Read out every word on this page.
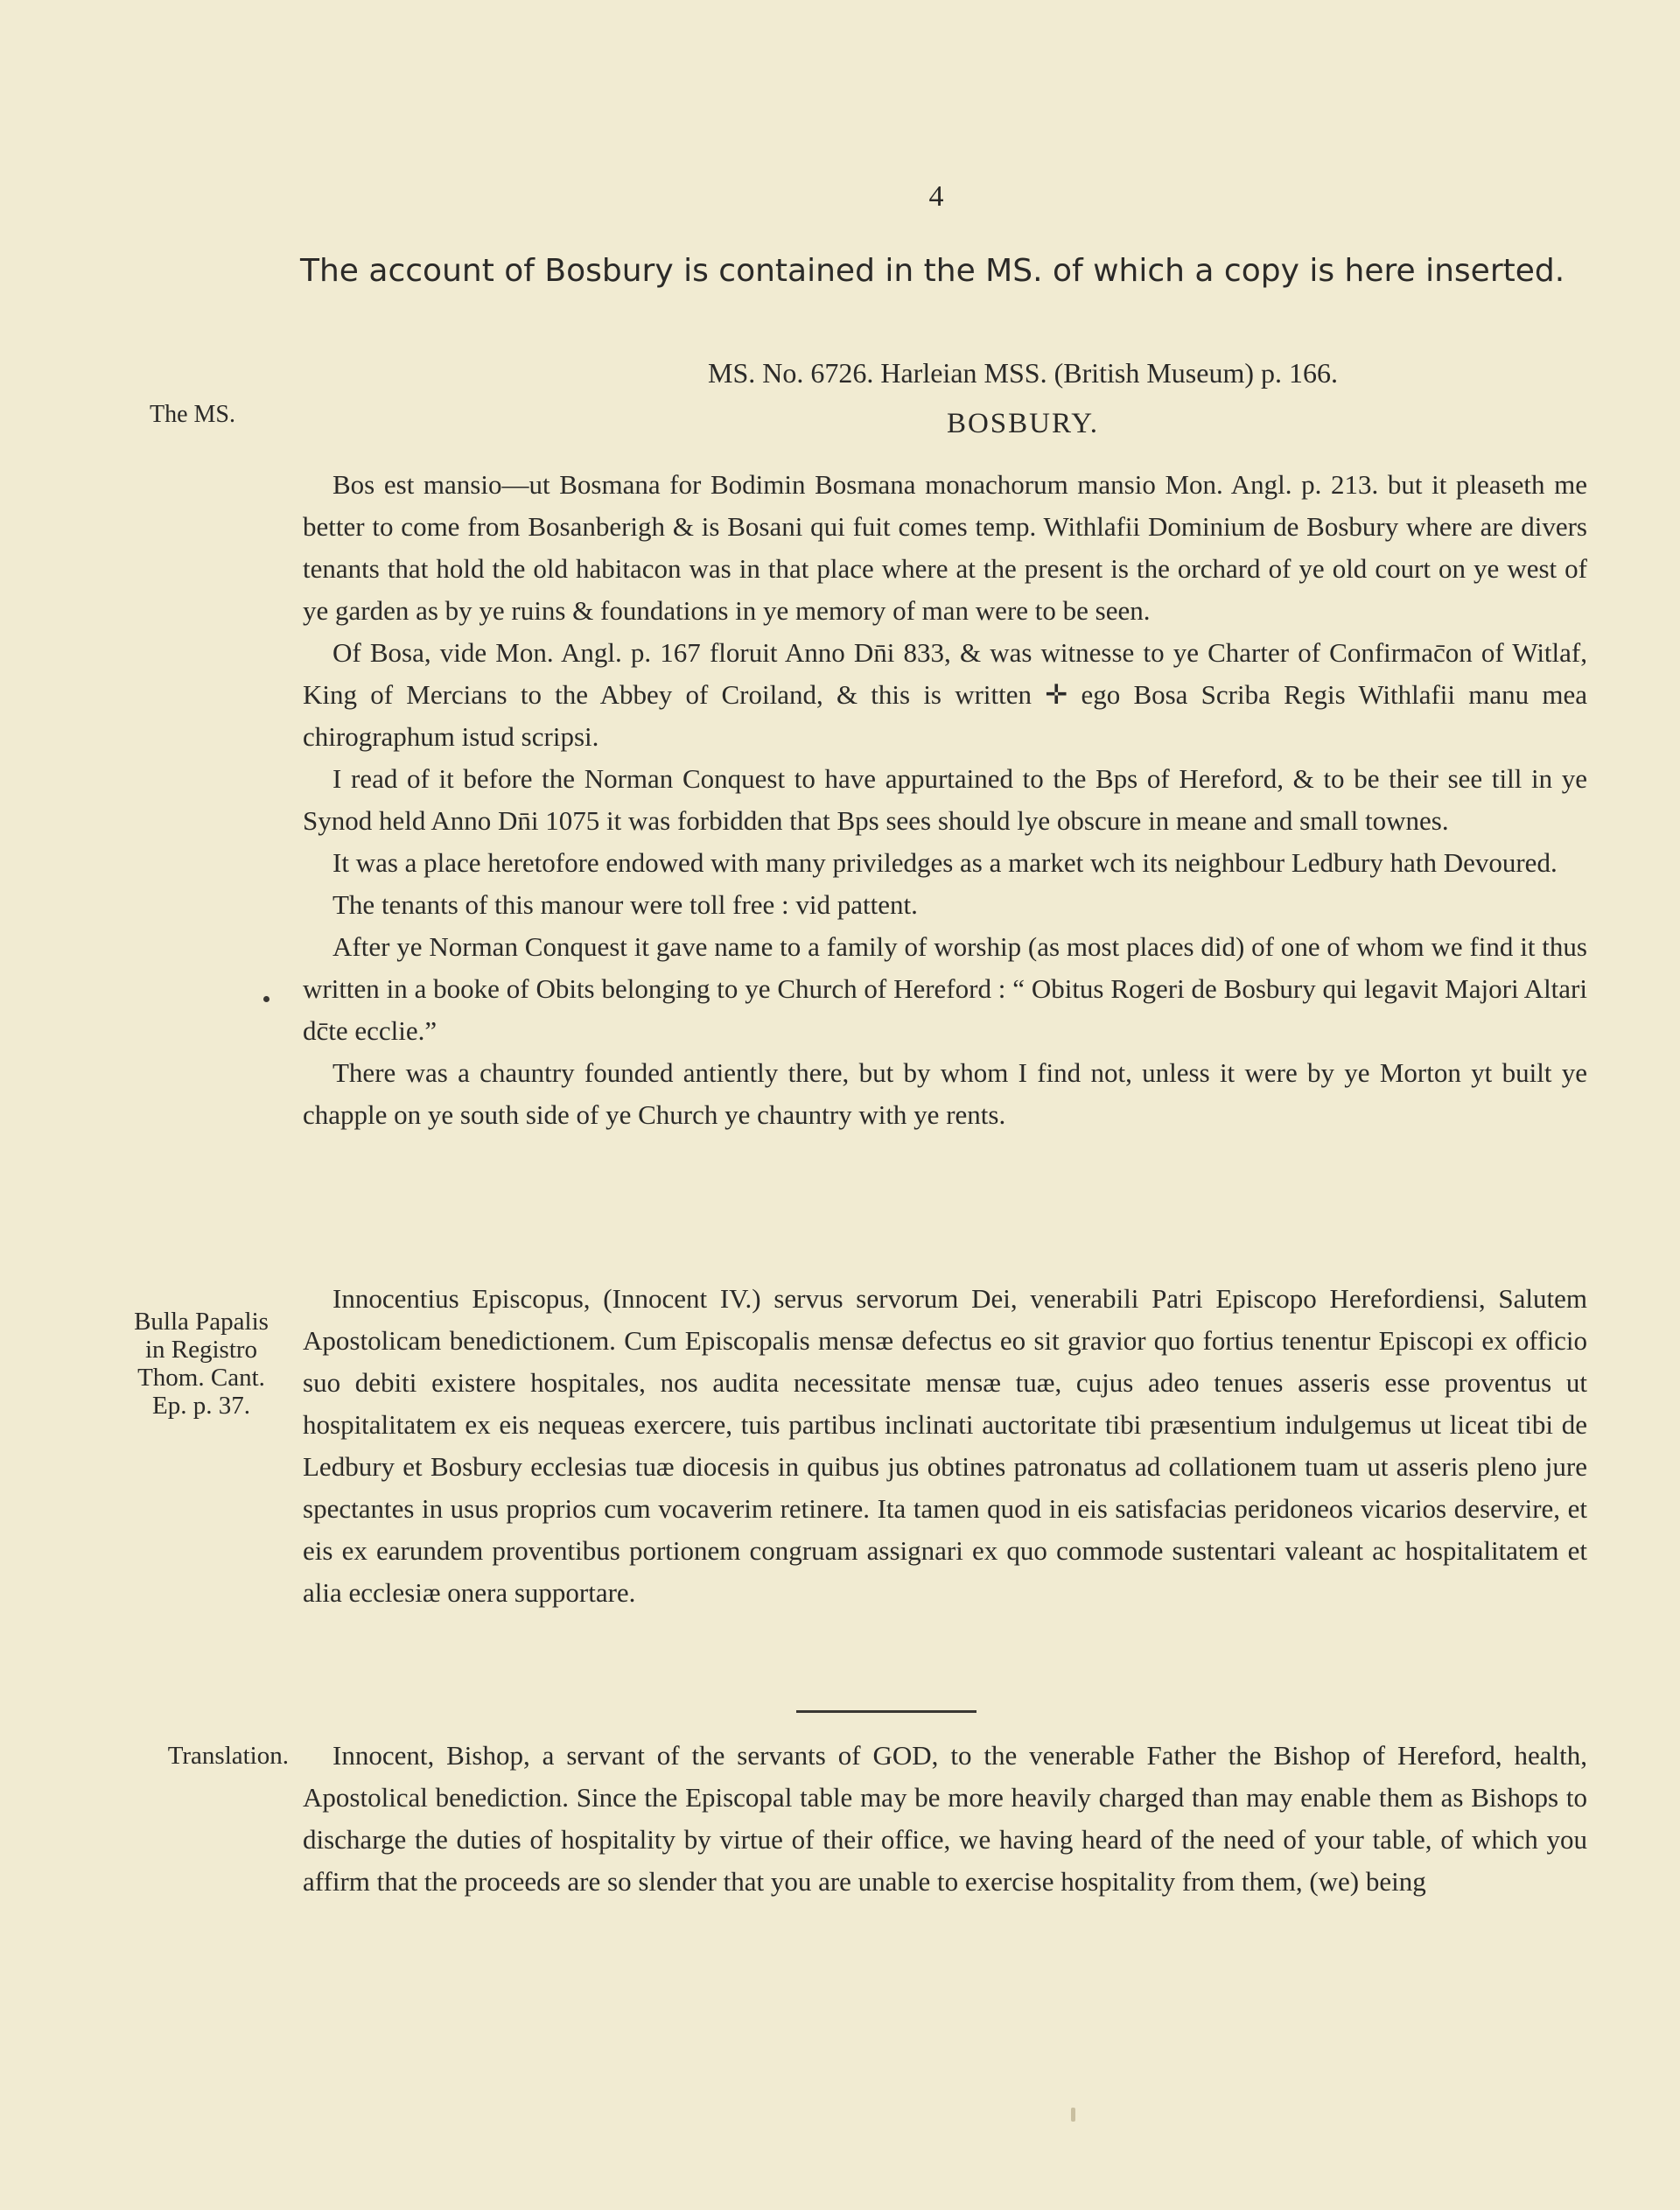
4
The account of Bosbury is contained in the MS. of which a copy is here inserted.
MS. No. 6726. Harleian MSS. (British Museum) p. 166.
The MS.	BOSBURY.

Bos est mansio—ut Bosmana for Bodimin Bosmana monachorum mansio Mon. Angl. p. 213. but it pleaseth me better to come from Bosanberigh & is Bosani qui fuit comes temp. Withlafii Dominium de Bosbury where are divers tenants that hold the old habitacon was in that place where at the present is the orchard of ye old court on ye west of ye garden as by ye ruins & foundations in ye memory of man were to be seen.

Of Bosa, vide Mon. Angl. p. 167 floruit Anno Dn̄i 833, & was witnesse to ye Charter of Confirmac̄on of Witlaf, King of Mercians to the Abbey of Croiland, & this is written ✛ ego Bosa Scriba Regis Withlafii manu mea chirographum istud scripsi.

I read of it before the Norman Conquest to have appurtained to the Bps of Hereford, & to be their see till in ye Synod held Anno Dn̄i 1075 it was forbidden that Bps sees should lye obscure in meane and small townes.

It was a place heretofore endowed with many priviledges as a market wch its neighbour Ledbury hath Devoured.

The tenants of this manour were toll free : vid pattent.

After ye Norman Conquest it gave name to a family of worship (as most places did) of one of whom we find it thus written in a booke of Obits belonging to ye Church of Hereford : “ Obitus Rogeri de Bosbury qui legavit Majori Altari dc̄te ecclie.”

There was a chauntry founded antiently there, but by whom I find not, unless it were by ye Morton yt built ye chapple on ye south side of ye Church ye chauntry with ye rents.

Bulla Papalis
in Registro
Thom. Cant.
Ep. p. 37.

Innocentius Episcopus, (Innocent IV.) servus servorum Dei, venerabili Patri Episcopo Herefordiensi, Salutem Apostolicam benedictionem. Cum Episcopalis mensæ defectus eo sit gravior quo fortius tenentur Episcopi ex officio suo debiti existere hospitales, nos audita necessitate mensæ tuæ, cujus adeo tenues asseris esse proventus ut hospitalitatem ex eis nequeas exercere, tuis partibus inclinati auctoritate tibi præsentium indulgemus ut liceat tibi de Ledbury et Bosbury ecclesias tuæ diocesis in quibus jus obtines patronatus ad collationem tuam ut asseris pleno jure spectantes in usus proprios cum vocaverim retinere. Ita tamen quod in eis satisfacias peridoneos vicarios deservire, et eis ex earundem proventibus portionem congruam assignari ex quo commode sustentari valeant ac hospitalitatem et alia ecclesiæ onera supportare.

Translation.	Innocent, Bishop, a servant of the servants of GOD, to the venerable Father the Bishop of Hereford, health, Apostolical benediction. Since the Episcopal table may be more heavily charged than may enable them as Bishops to discharge the duties of hospitality by virtue of their office, we having heard of the need of your table, of which you affirm that the proceeds are so slender that you are unable to exercise hospitality from them, (we) being
